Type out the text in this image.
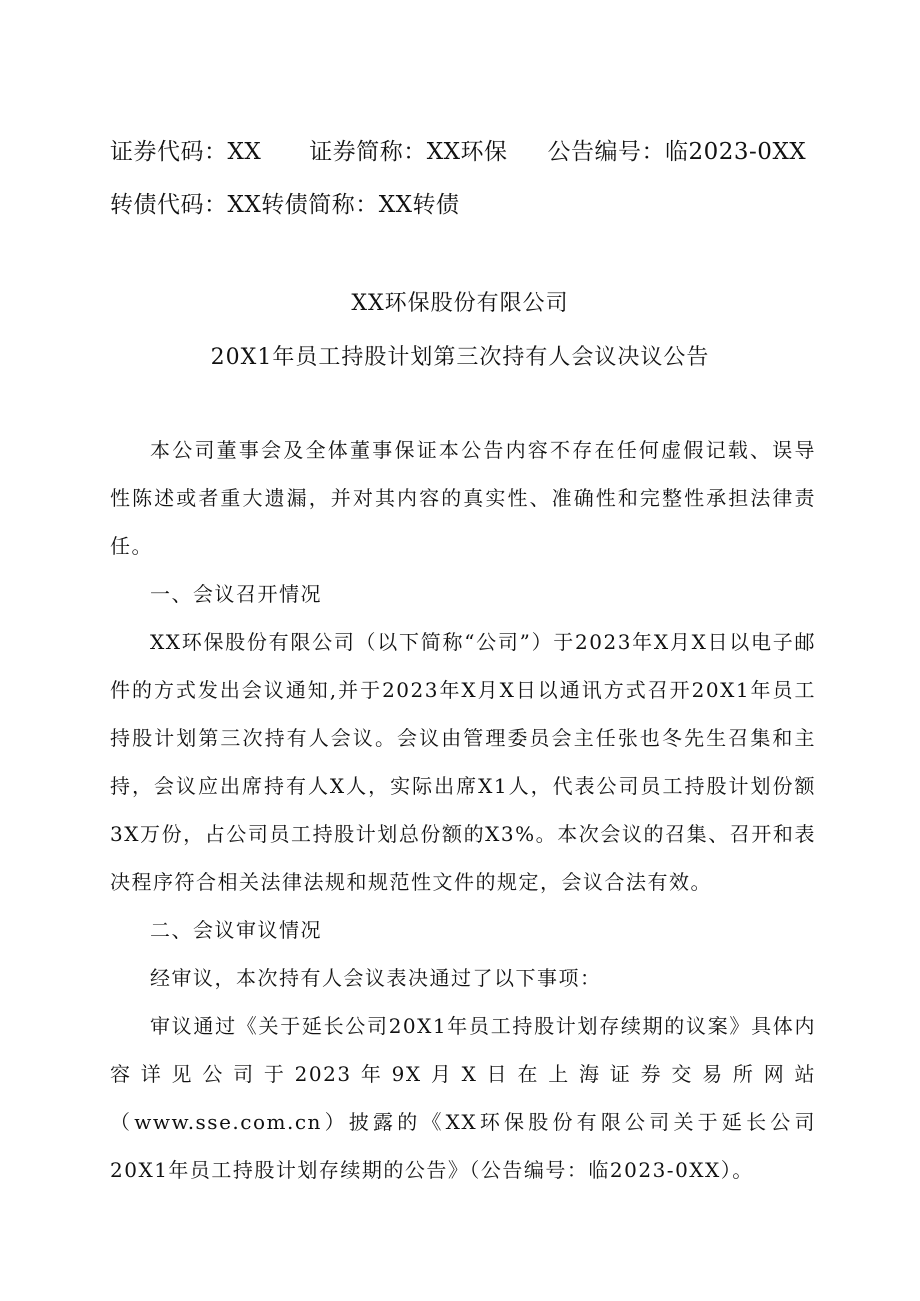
证券代码：XX 证券简称：XX环保 公告编号：临2023-0XX
转债代码：XX转债简称：XX转债
XX环保股份有限公司
20X1年员工持股计划第三次持有人会议决议公告

本公司董事会及全体董事保证本公告内容不存在任何虚假记载、误导性陈述或者重大遗漏，并对其内容的真实性、准确性和完整性承担法律责任。

一、会议召开情况

XX环保股份有限公司（以下简称“公司”）于2023年X月X日以电子邮件的方式发出会议通知,并于2023年X月X日以通讯方式召开20X1年员工持股计划第三次持有人会议。会议由管理委员会主任张也冬先生召集和主持，会议应出席持有人X人，实际出席X1人，代表公司员工持股计划份额3X万份，占公司员工持股计划总份额的X3%。本次会议的召集、召开和表决程序符合相关法律法规和规范性文件的规定，会议合法有效。

二、会议审议情况

经审议，本次持有人会议表决通过了以下事项：

审议通过《关于延长公司20X1年员工持股计划存续期的议案》具体内容详见公司于2023年9X月X日在上海证券交易所网站（www.sse.com.cn）披露的《XX环保股份有限公司关于延长公司20X1年员工持股计划存续期的公告》（公告编号：临2023-0XX）。
